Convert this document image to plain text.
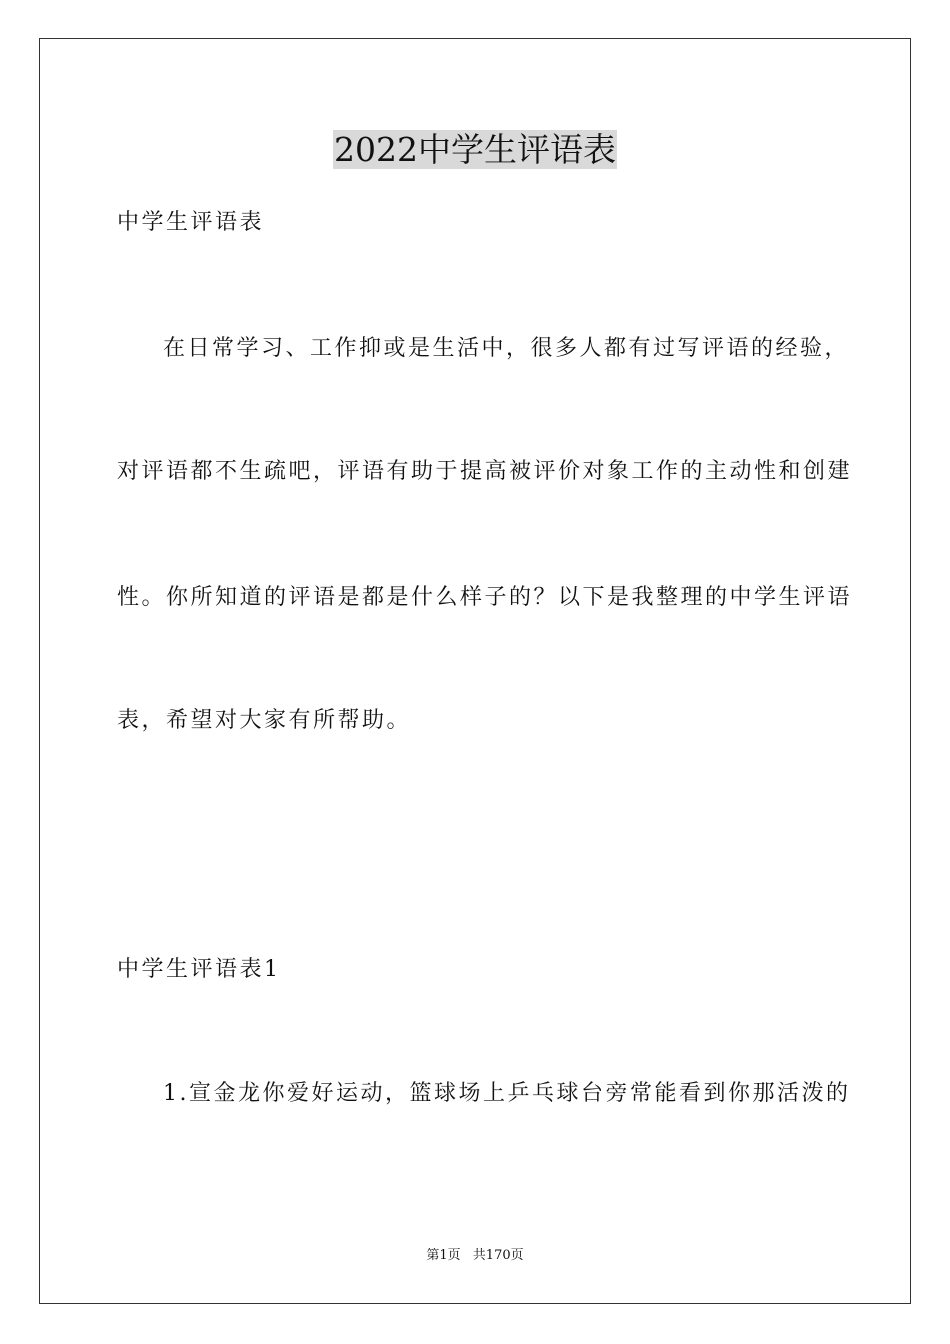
2022中学生评语表
中学生评语表
在日常学习、工作抑或是生活中，很多人都有过写评语的经验，
对评语都不生疏吧，评语有助于提高被评价对象工作的主动性和创建
性。你所知道的评语是都是什么样子的？以下是我整理的中学生评语
表，希望对大家有所帮助。
中学生评语表1
1.宣金龙你爱好运动，篮球场上乒乓球台旁常能看到你那活泼的
第1页 共170页
